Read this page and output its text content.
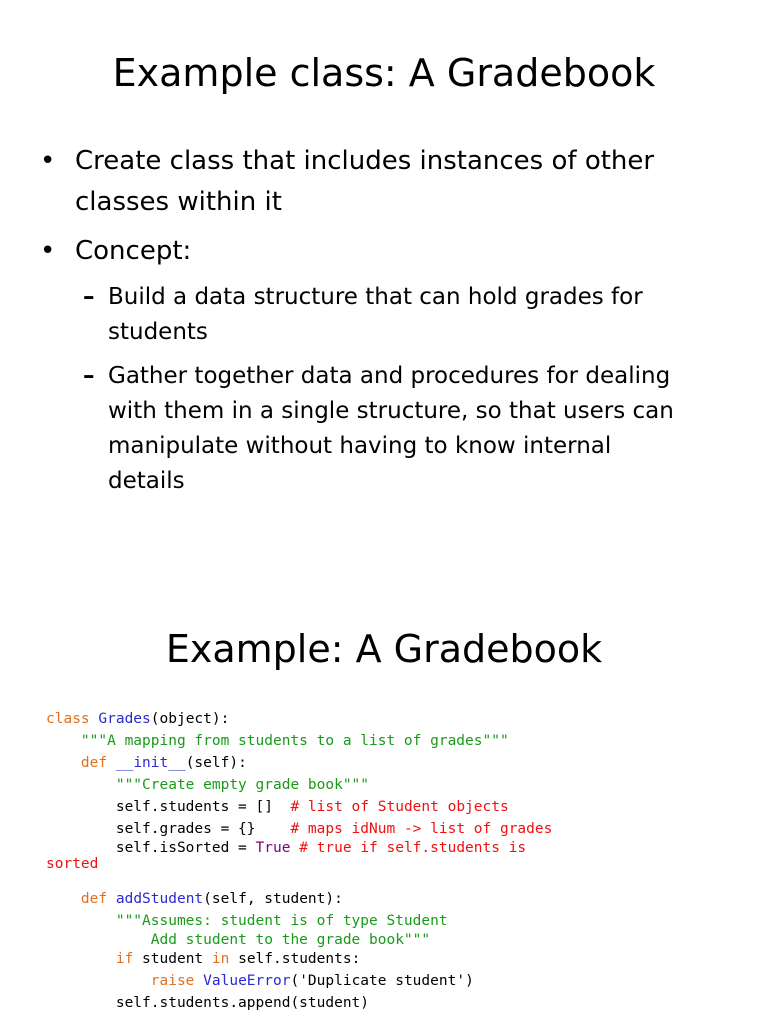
Example class: A Gradebook
• Create class that includes instances of other
classes within it
• Concept:
– Build a data structure that can hold grades for
students
– Gather together data and procedures for dealing
with them in a single structure, so that users can
manipulate without having to know internal
details
Example: A Gradebook
class Grades(object):
"""A mapping from students to a list of grades"""
def __init__(self):
"""Create empty grade book"""
self.students = [] # list of Student objects
self.grades = {} # maps idNum -> list of grades
self.isSorted = True # true if self.students is
sorted
def addStudent(self, student):
"""Assumes: student is of type Student
Add student to the grade book"""
if student in self.students:
raise ValueError('Duplicate student')
self.students.append(student)
